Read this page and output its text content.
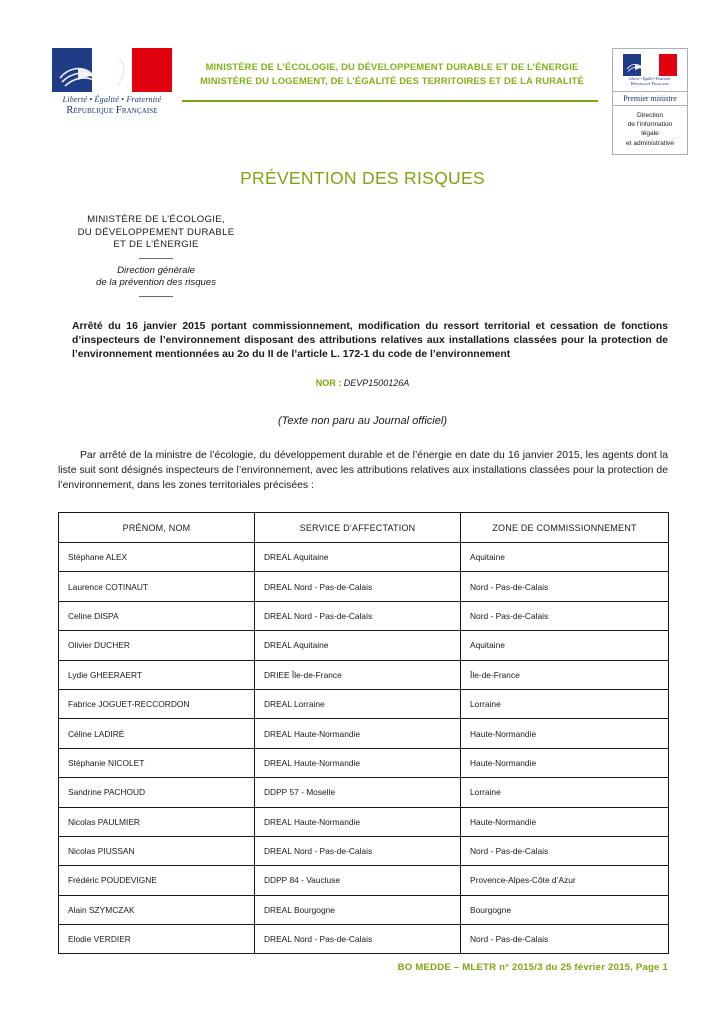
Liberté • Égalité • Fraternité
République Française
MINISTÈRE DE L’ÉCOLOGIE, DU DÉVELOPPEMENT DURABLE ET DE L’ÉNERGIE
MINISTÈRE DU LOGEMENT, DE L’ÉGALITÉ DES TERRITOIRES ET DE LA RURALITÉ	Liberté • Égalité • Fraternité
République Française
Premier ministre
Direction
de l’information
légale
et administrative
PRÉVENTION DES RISQUES
MINISTÈRE DE L’ÉCOLOGIE,
DU DÉVELOPPEMENT DURABLE
ET DE L’ÉNERGIE
Direction générale
de la prévention des risques

Arrêté du 16 janvier 2015 portant commissionnement, modification du ressort territorial et cessation de fonctions d’inspecteurs de l’environnement disposant des attributions relatives aux installations classées pour la protection de l’environnement mentionnées au 2o du II de l’article L. 172-1 du code de l’environnement

NOR : DEVP1500126A
(Texte non paru au Journal officiel)

Par arrêté de la ministre de l’écologie, du développement durable et de l’énergie en date du 16 janvier 2015, les agents dont la liste suit sont désignés inspecteurs de l’environnement, avec les attributions relatives aux installations classées pour la protection de l’environnement, dans les zones territoriales précisées :

PRÉNOM, NOM	SERVICE D’AFFECTATION	ZONE DE COMMISSIONNEMENT
Stéphane ALEX	DREAL Aquitaine	Aquitaine
Laurence COTINAUT	DREAL Nord - Pas-de-Calais	Nord - Pas-de-Calais
Celine DISPA	DREAL Nord - Pas-de-Calais	Nord - Pas-de-Calais
Olivier DUCHER	DREAL Aquitaine	Aquitaine
Lydie GHEERAERT	DRIEE Île-de-France	Île-de-France
Fabrice JOGUET-RECCORDON	DREAL Lorraine	Lorraine
Céline LADIRÉ	DREAL Haute-Normandie	Haute-Normandie
Stéphanie NICOLET	DREAL Haute-Normandie	Haute-Normandie
Sandrine PACHOUD	DDPP 57 - Moselle	Lorraine
Nicolas PAULMIER	DREAL Haute-Normandie	Haute-Normandie
Nicolas PIUSSAN	DREAL Nord - Pas-de-Calais	Nord - Pas-de-Calais
Frédéric POUDEVIGNE	DDPP 84 - Vaucluse	Provence-Alpes-Côte d’Azur
Alain SZYMCZAK	DREAL Bourgogne	Bourgogne
Elodie VERDIER	DREAL Nord - Pas-de-Calais	Nord - Pas-de-Calais
BO MEDDE – MLETR n° 2015/3 du 25 février 2015, Page 1
